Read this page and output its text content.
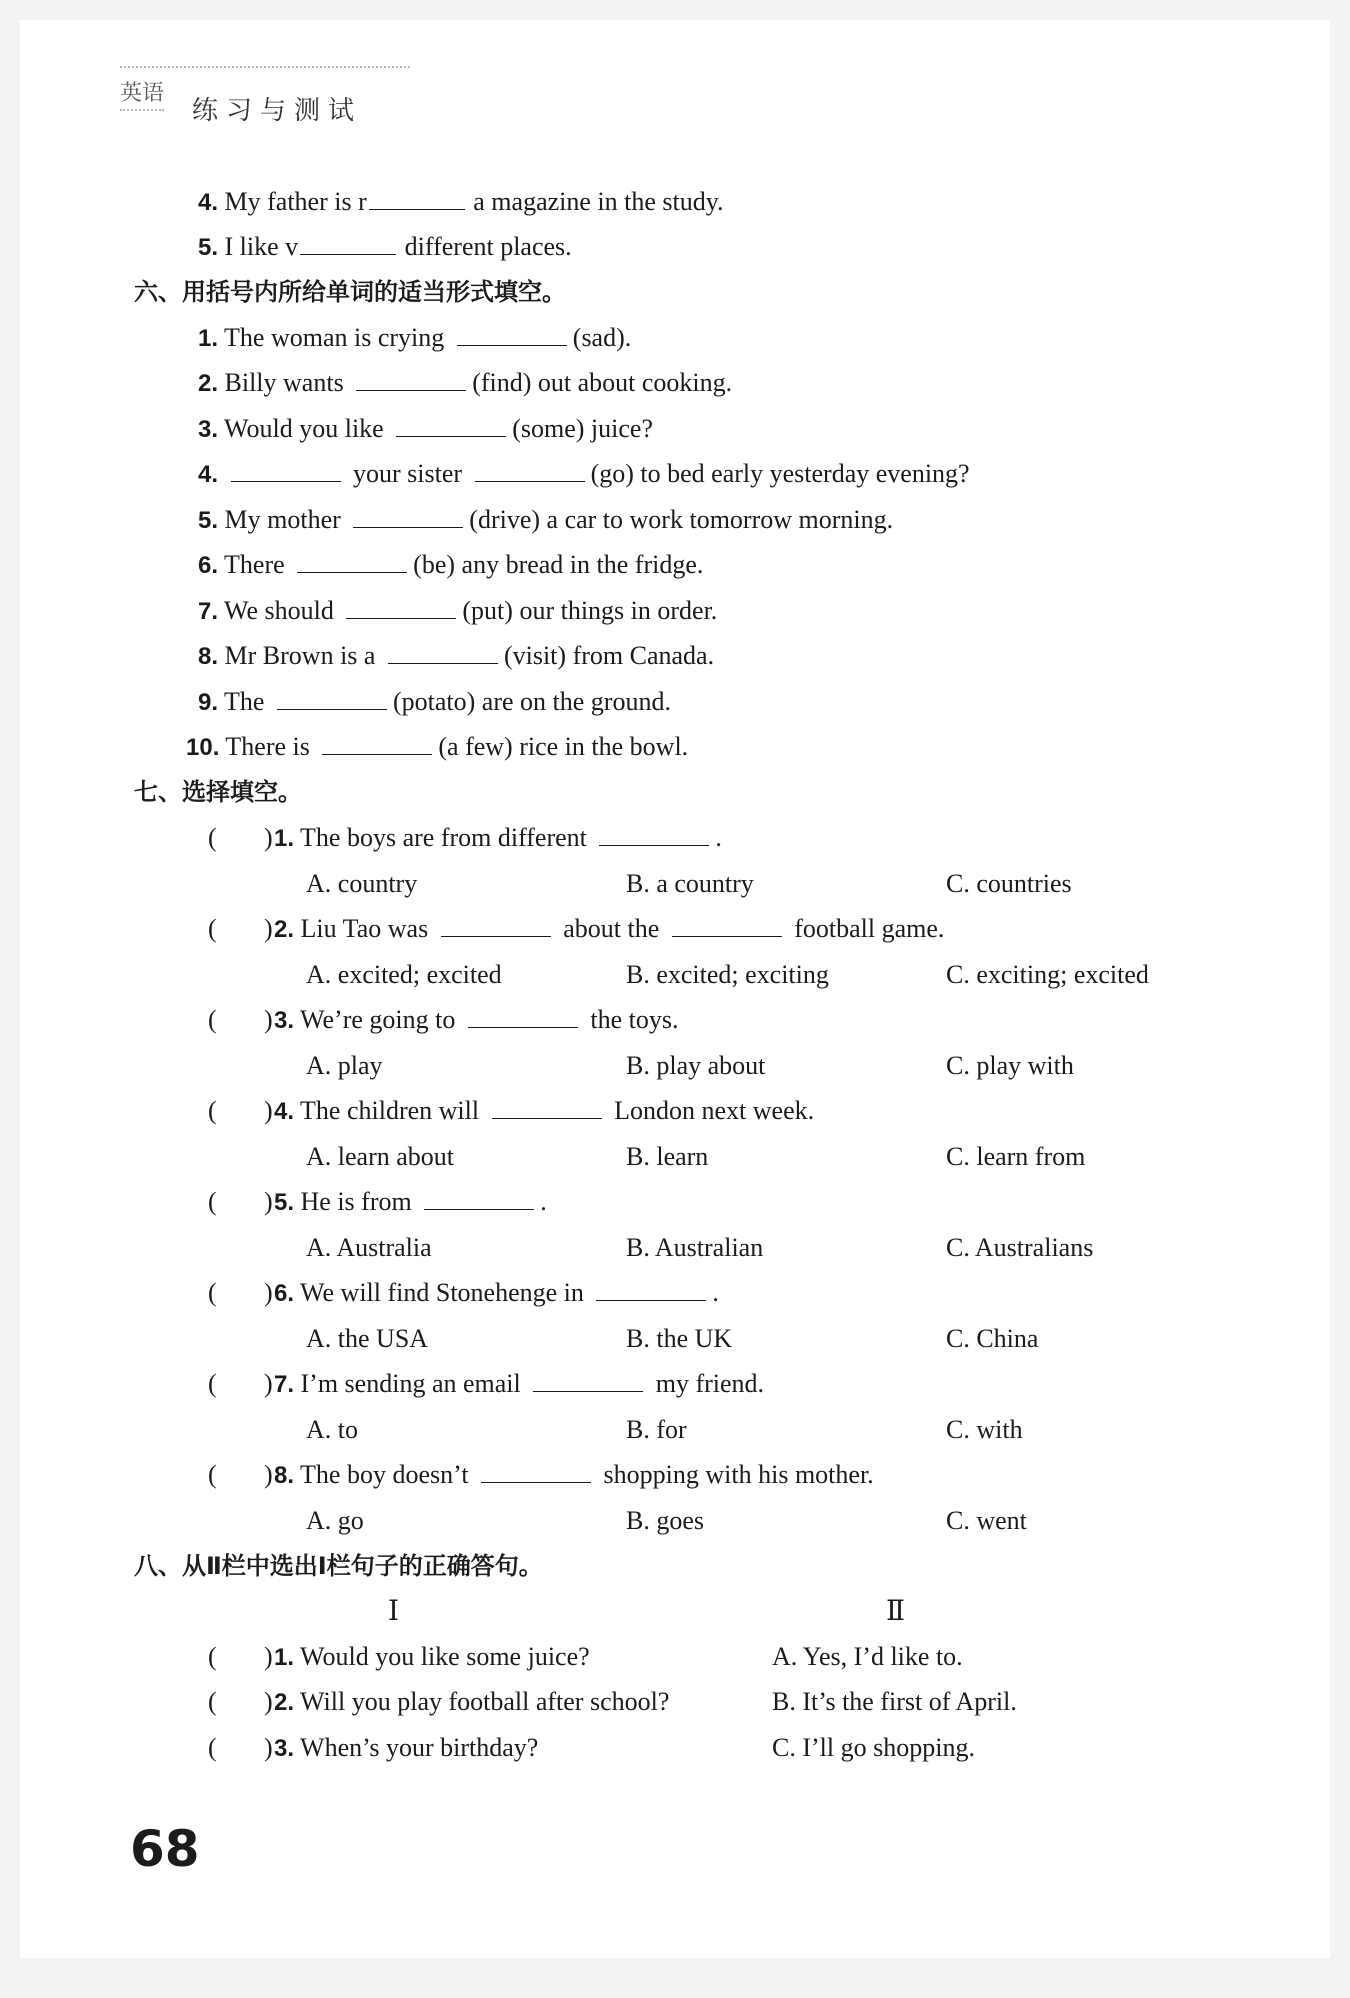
英语
练习与测试
4. My father is r	a magazine in the study.
5. I like v	different places.
六、用括号内所给单词的适当形式填空。
1. The woman is crying	(sad).
2. Billy wants	(find) out about cooking.
3. Would you like	(some) juice?
4.	your sister	(go) to bed early yesterday evening?
5. My mother	(drive) a car to work tomorrow morning.
6. There	(be) any bread in the fridge.
7. We should	(put) our things in order.
8. Mr Brown is a	(visit) from Canada.
9. The	(potato) are on the ground.
10. There is	(a few) rice in the bowl.
七、选择填空。
( ) 1. The boys are from different	.
A. country	B. a country	C. countries
( ) 2. Liu Tao was	about the	football game.
A. excited; excited	B. excited; exciting	C. exciting; excited
( ) 3. We’re going to	the toys.
A. play	B. play about	C. play with
( ) 4. The children will	London next week.
A. learn about	B. learn	C. learn from
( ) 5. He is from	.
A. Australia	B. Australian	C. Australians
( ) 6. We will find Stonehenge in	.
A. the USA	B. the UK	C. China
( ) 7. I’m sending an email	my friend.
A. to	B. for	C. with
( ) 8. The boy doesn’t	shopping with his mother.
A. go	B. goes	C. went
八、从Ⅱ栏中选出Ⅰ栏句子的正确答句。
Ⅰ	Ⅱ
( ) 1. Would you like some juice?	A. Yes, I’d like to.
( ) 2. Will you play football after school?	B. It’s the first of April.
( ) 3. When’s your birthday?	C. I’ll go shopping.
68
